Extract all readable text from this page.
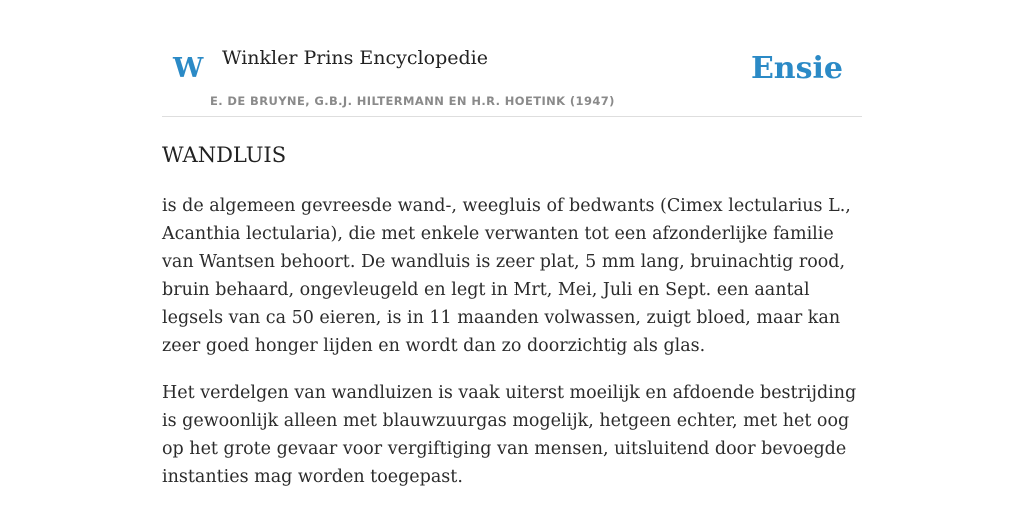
W Winkler Prins Encyclopedie
E. DE BRUYNE, G.B.J. HILTERMANN EN H.R. HOETINK (1947)
Ensie
WANDLUIS

is de algemeen gevreesde wand-, weegluis of bedwants (Cimex lectularius L., Acanthia lectularia), die met enkele verwanten tot een afzonderlijke familie van Wantsen behoort. De wandluis is zeer plat, 5 mm lang, bruinachtig rood, bruin behaard, ongevleugeld en legt in Mrt, Mei, Juli en Sept. een aantal legsels van ca 50 eieren, is in 11 maanden volwassen, zuigt bloed, maar kan zeer goed honger lijden en wordt dan zo doorzichtig als glas.

Het verdelgen van wandluizen is vaak uiterst moeilijk en afdoende bestrijding is gewoonlijk alleen met blauwzuurgas mogelijk, hetgeen echter, met het oog op het grote gevaar voor vergiftiging van mensen, uitsluitend door bevoegde instanties mag worden toegepast.
